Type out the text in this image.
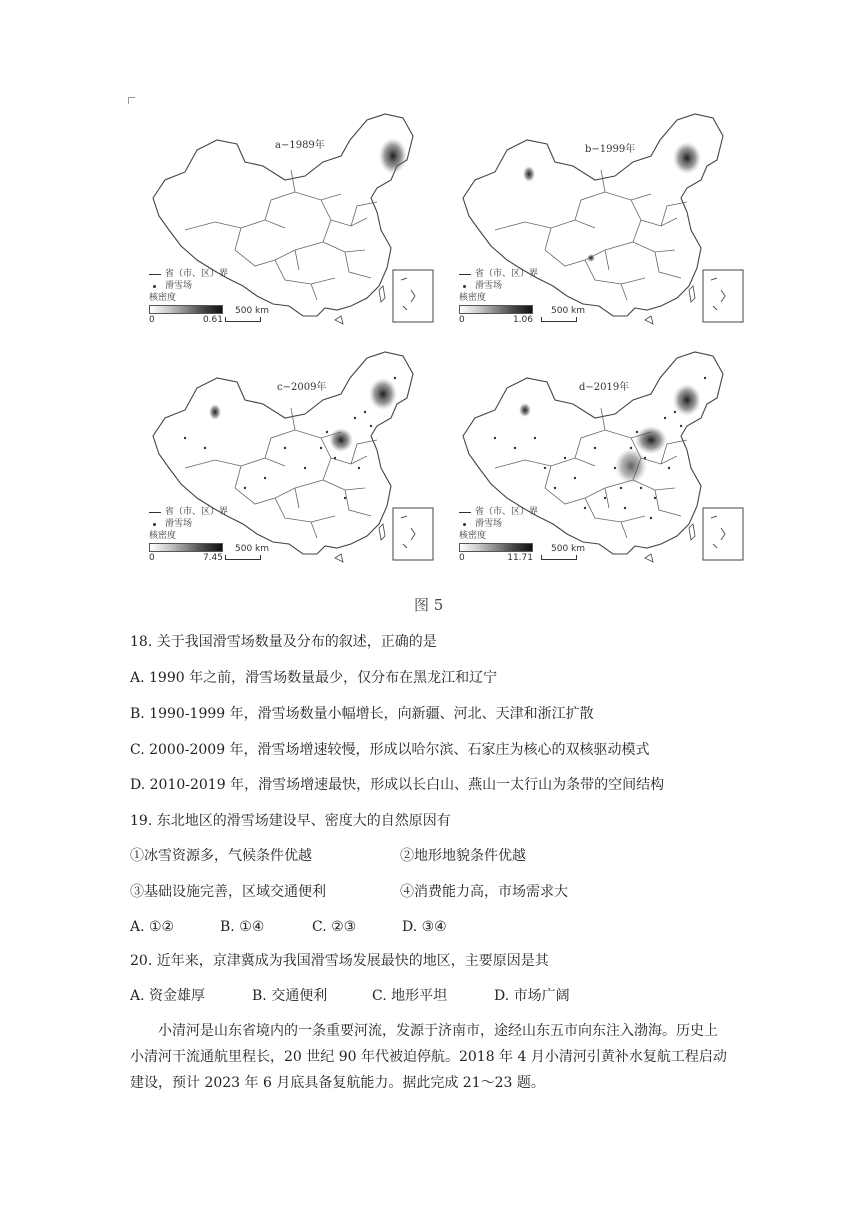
a−1989年
省（市、区）界
滑雪场
核密度
0	0.61
500 km
b−1999年
省（市、区）界
滑雪场
核密度
0	1.06
500 km
c−2009年
省（市、区）界
滑雪场
核密度
0	7.45
500 km
d−2019年
省（市、区）界
滑雪场
核密度
0	11.71
500 km
图 5
18. 关于我国滑雪场数量及分布的叙述，正确的是
A. 1990 年之前，滑雪场数量最少，仅分布在黑龙江和辽宁
B. 1990-1999 年，滑雪场数量小幅增长，向新疆、河北、天津和浙江扩散
C. 2000-2009 年，滑雪场增速较慢，形成以哈尔滨、石家庄为核心的双核驱动模式
D. 2010-2019 年，滑雪场增速最快，形成以长白山、燕山一太行山为条带的空间结构
19. 东北地区的滑雪场建设早、密度大的自然原因有
①冰雪资源多，气候条件优越	②地形地貌条件优越
③基础设施完善，区域交通便利	④消费能力高，市场需求大
A. ①②	B. ①④	C. ②③	D. ③④
20. 近年来，京津冀成为我国滑雪场发展最快的地区，主要原因是其
A. 资金雄厚	B. 交通便利	C. 地形平坦	D. 市场广阔
小清河是山东省境内的一条重要河流，发源于济南市，途经山东五市向东注入渤海。历史上小清河干流通航里程长，20 世纪 90 年代被迫停航。2018 年 4 月小清河引黄补水复航工程启动建设，预计 2023 年 6 月底具备复航能力。据此完成 21～23 题。
